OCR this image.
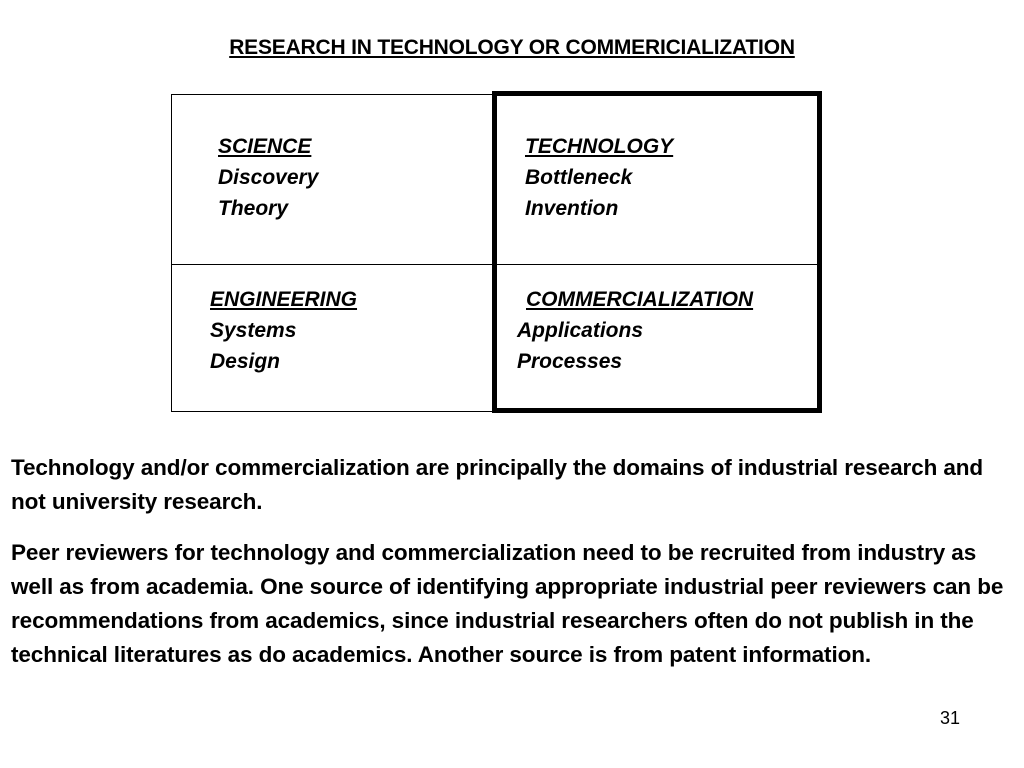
RESEARCH IN TECHNOLOGY OR COMMERICIALIZATION
SCIENCE
Discovery
Theory
TECHNOLOGY
Bottleneck
Invention
ENGINEERING
Systems
Design
COMMERCIALIZATION
Applications
Processes
Technology and/or commercialization are principally the domains of industrial research and not university research.
Peer reviewers for technology and commercialization need to be recruited from industry as well as from academia. One source of identifying appropriate industrial peer reviewers can be recommendations from academics, since industrial researchers often do not publish in the technical literatures as do academics. Another source is from patent information.
31
